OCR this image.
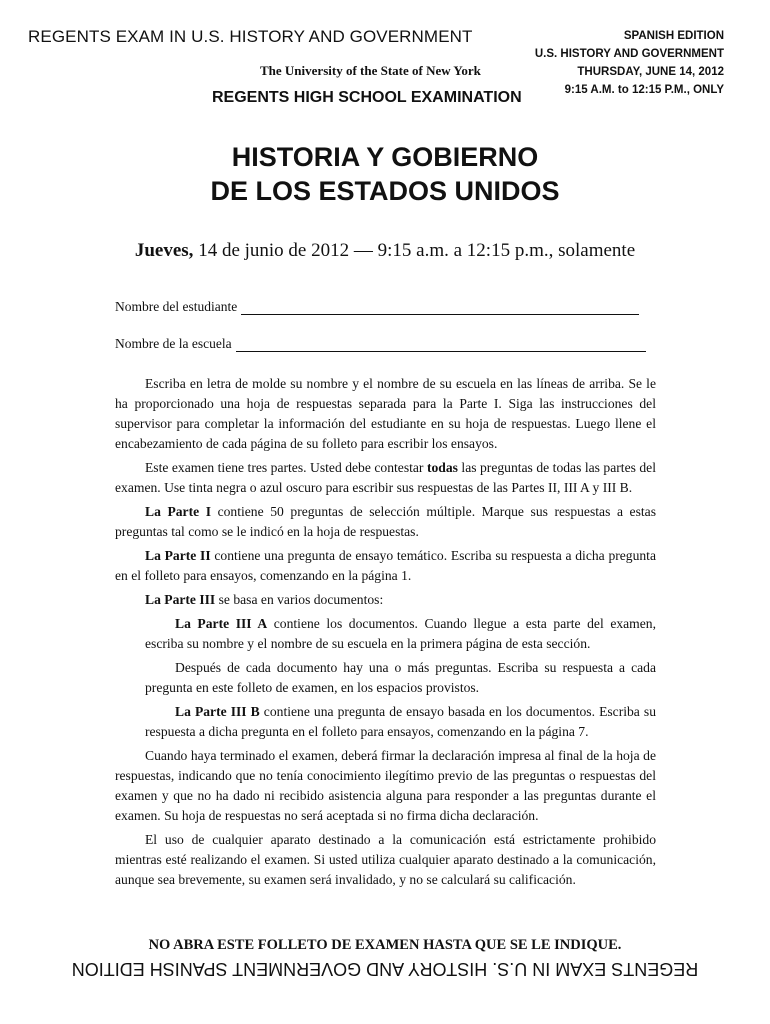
REGENTS EXAM IN U.S. HISTORY AND GOVERNMENT	SPANISH EDITION
U.S. HISTORY AND GOVERNMENT
THURSDAY, JUNE 14, 2012
9:15 A.M. to 12:15 P.M., ONLY
The University of the State of New York
REGENTS HIGH SCHOOL EXAMINATION
HISTORIA Y GOBIERNO
DE LOS ESTADOS UNIDOS
Jueves, 14 de junio de 2012 — 9:15 a.m. a 12:15 p.m., solamente
Nombre del estudiante
Nombre de la escuela

Escriba en letra de molde su nombre y el nombre de su escuela en las líneas de arriba. Se le ha proporcionado una hoja de respuestas separada para la Parte I. Siga las instrucciones del supervisor para completar la información del estudiante en su hoja de respuestas. Luego llene el encabezamiento de cada página de su folleto para escribir los ensayos.

Este examen tiene tres partes. Usted debe contestar todas las preguntas de todas las partes del examen. Use tinta negra o azul oscuro para escribir sus respuestas de las Partes II, III A y III B.

La Parte I contiene 50 preguntas de selección múltiple. Marque sus respuestas a estas preguntas tal como se le indicó en la hoja de respuestas.

La Parte II contiene una pregunta de ensayo temático. Escriba su respuesta a dicha pregunta en el folleto para ensayos, comenzando en la página 1.

La Parte III se basa en varios documentos:

La Parte III A contiene los documentos. Cuando llegue a esta parte del examen, escriba su nombre y el nombre de su escuela en la primera página de esta sección.

Después de cada documento hay una o más preguntas. Escriba su respuesta a cada pregunta en este folleto de examen, en los espacios provistos.

La Parte III B contiene una pregunta de ensayo basada en los documentos. Escriba su respuesta a dicha pregunta en el folleto para ensayos, comenzando en la página 7.

Cuando haya terminado el examen, deberá firmar la declaración impresa al final de la hoja de respuestas, indicando que no tenía conocimiento ilegítimo previo de las preguntas o respuestas del examen y que no ha dado ni recibido asistencia alguna para responder a las preguntas durante el examen. Su hoja de respuestas no será aceptada si no firma dicha declaración.

El uso de cualquier aparato destinado a la comunicación está estrictamente prohibido mientras esté realizando el examen. Si usted utiliza cualquier aparato destinado a la comunicación, aunque sea brevemente, su examen será invalidado, y no se calculará su calificación.

NO ABRA ESTE FOLLETO DE EXAMEN HASTA QUE SE LE INDIQUE.
REGENTS EXAM IN U.S. HISTORY AND GOVERNMENT SPANISH EDITION
